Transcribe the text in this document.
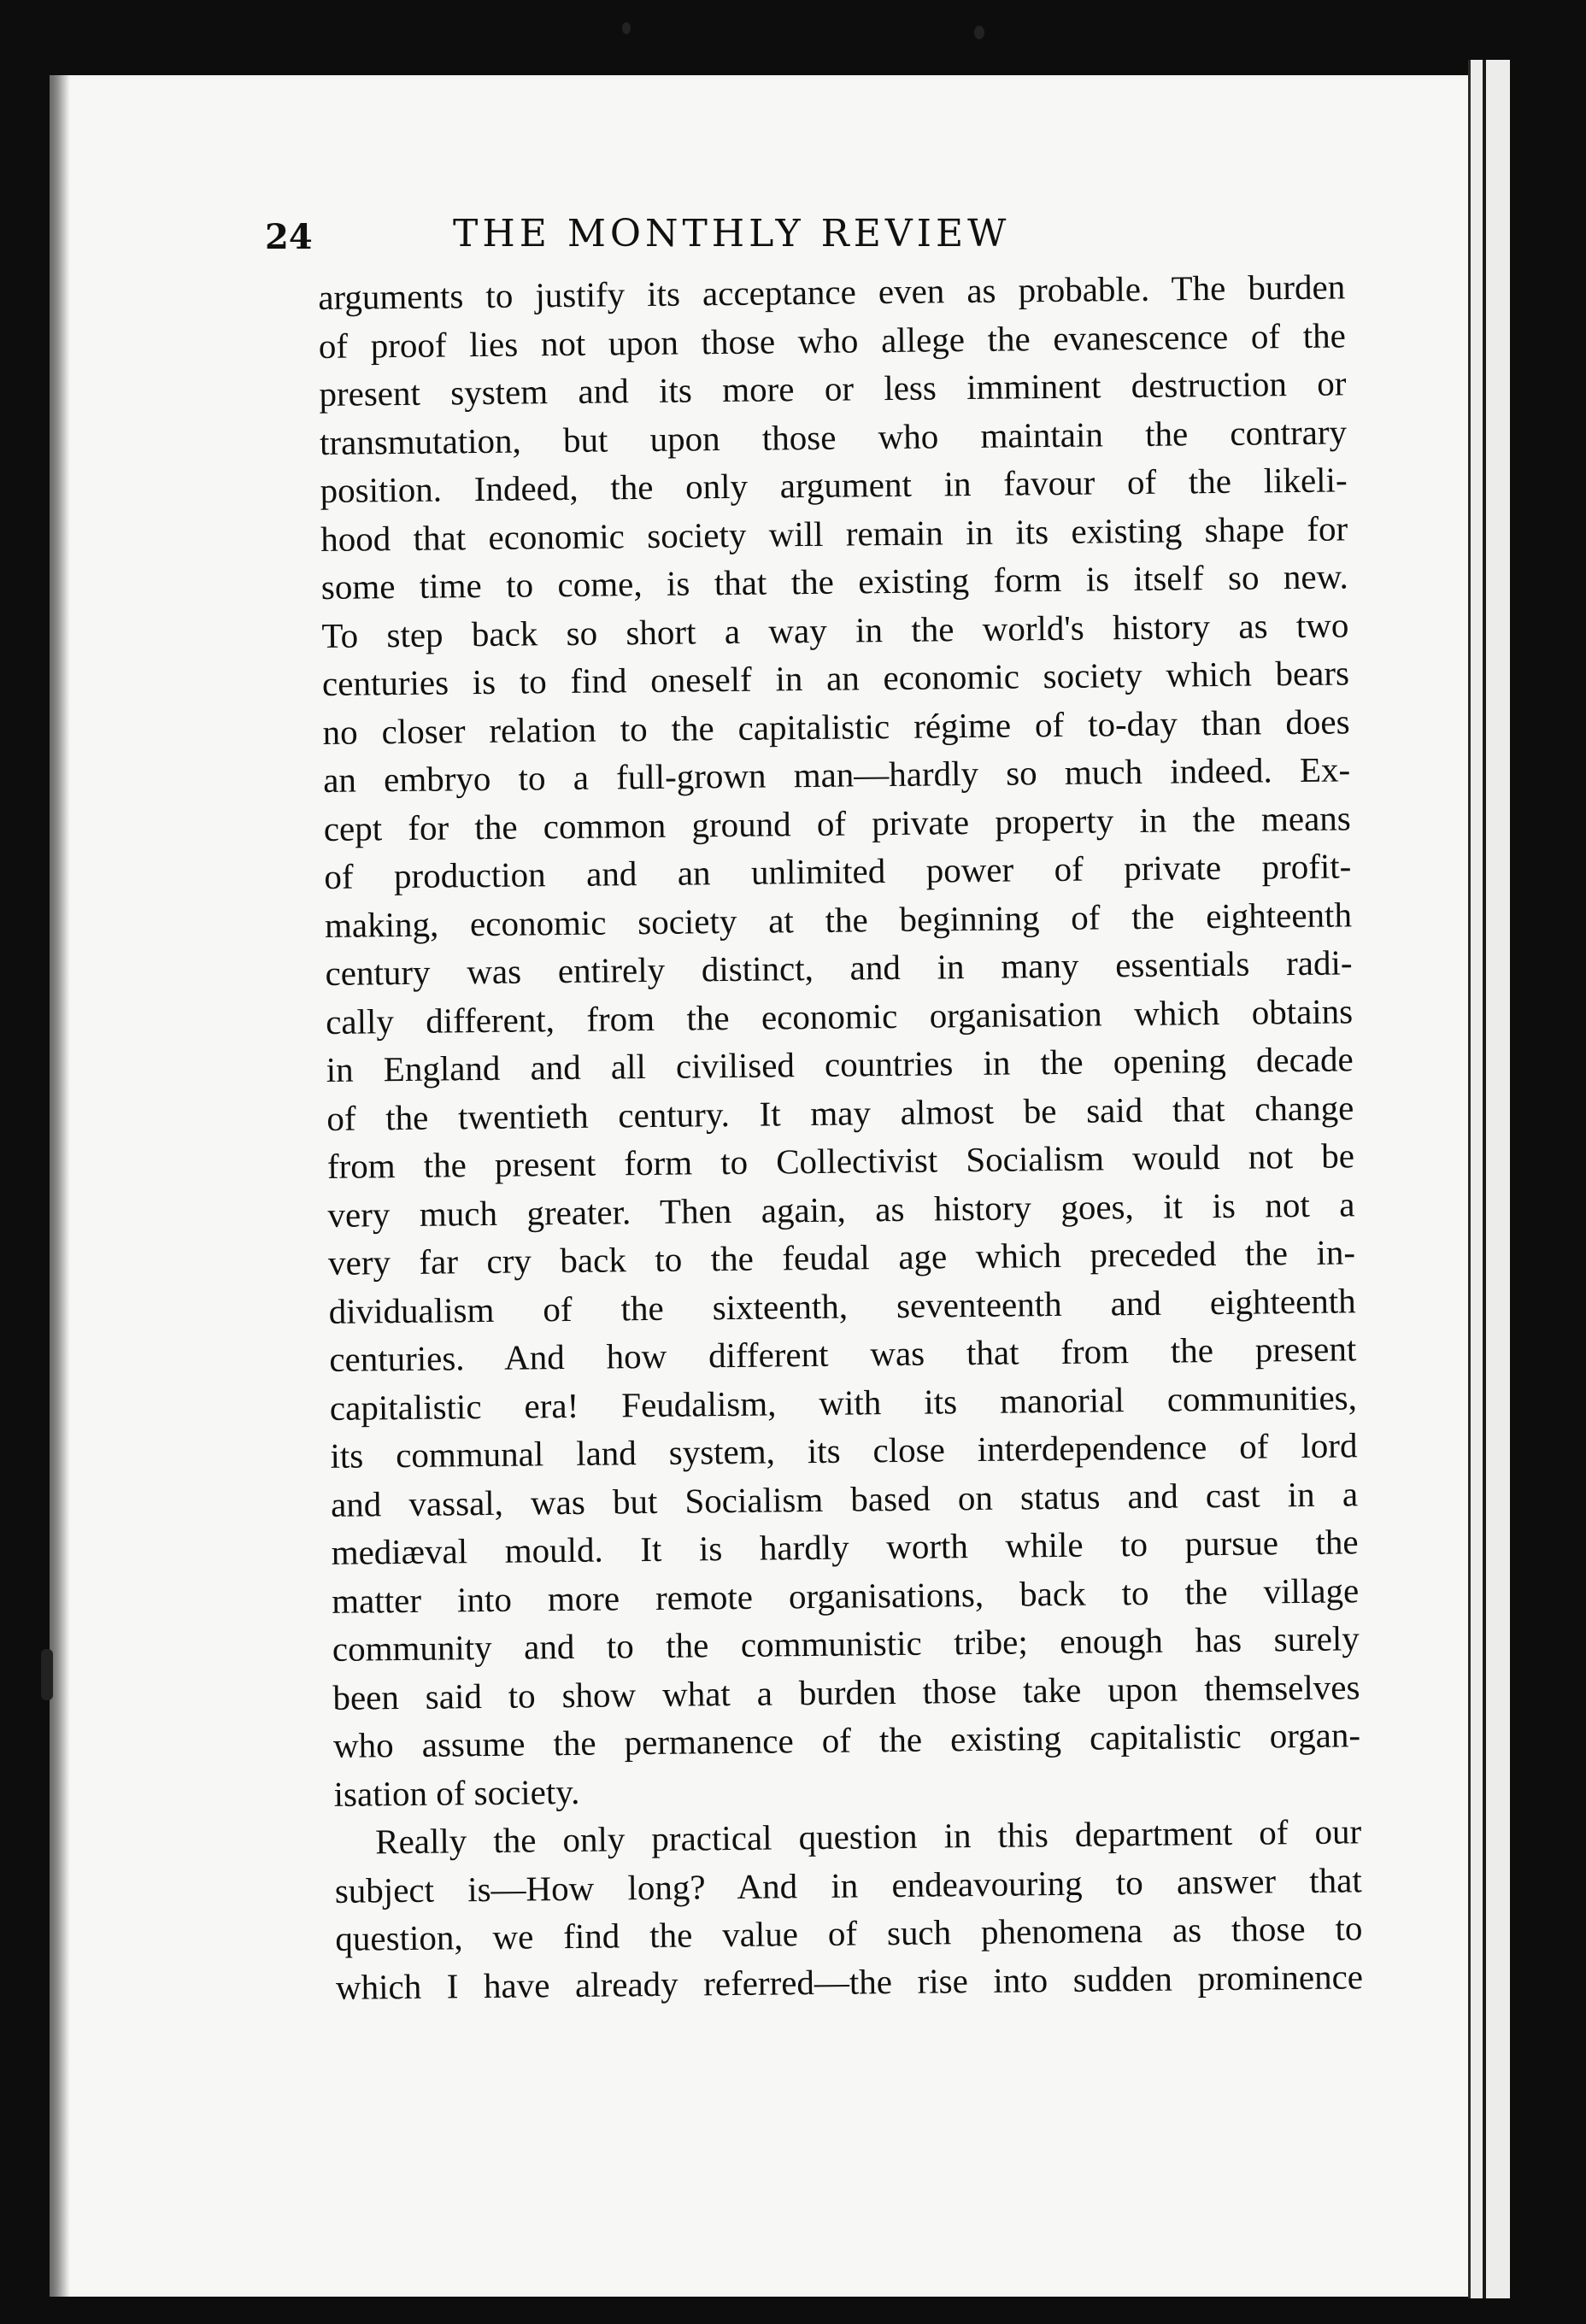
24	THE MONTHLY REVIEW
arguments to justify its acceptance even as probable. The burden
of proof lies not upon those who allege the evanescence of the
present system and its more or less imminent destruction or
transmutation, but upon those who maintain the contrary
position. Indeed, the only argument in favour of the likeli-
hood that economic society will remain in its existing shape for
some time to come, is that the existing form is itself so new.
To step back so short a way in the world's history as two
centuries is to find oneself in an economic society which bears
no closer relation to the capitalistic régime of to-day than does
an embryo to a full-grown man—hardly so much indeed. Ex-
cept for the common ground of private property in the means
of production and an unlimited power of private profit-
making, economic society at the beginning of the eighteenth
century was entirely distinct, and in many essentials radi-
cally different, from the economic organisation which obtains
in England and all civilised countries in the opening decade
of the twentieth century. It may almost be said that change
from the present form to Collectivist Socialism would not be
very much greater. Then again, as history goes, it is not a
very far cry back to the feudal age which preceded the in-
dividualism of the sixteenth, seventeenth and eighteenth
centuries. And how different was that from the present
capitalistic era! Feudalism, with its manorial communities,
its communal land system, its close interdependence of lord
and vassal, was but Socialism based on status and cast in a
mediæval mould. It is hardly worth while to pursue the
matter into more remote organisations, back to the village
community and to the communistic tribe; enough has surely
been said to show what a burden those take upon themselves
who assume the permanence of the existing capitalistic organ-
isation of society.
Really the only practical question in this department of our
subject is—How long? And in endeavouring to answer that
question, we find the value of such phenomena as those to
which I have already referred—the rise into sudden prominence
